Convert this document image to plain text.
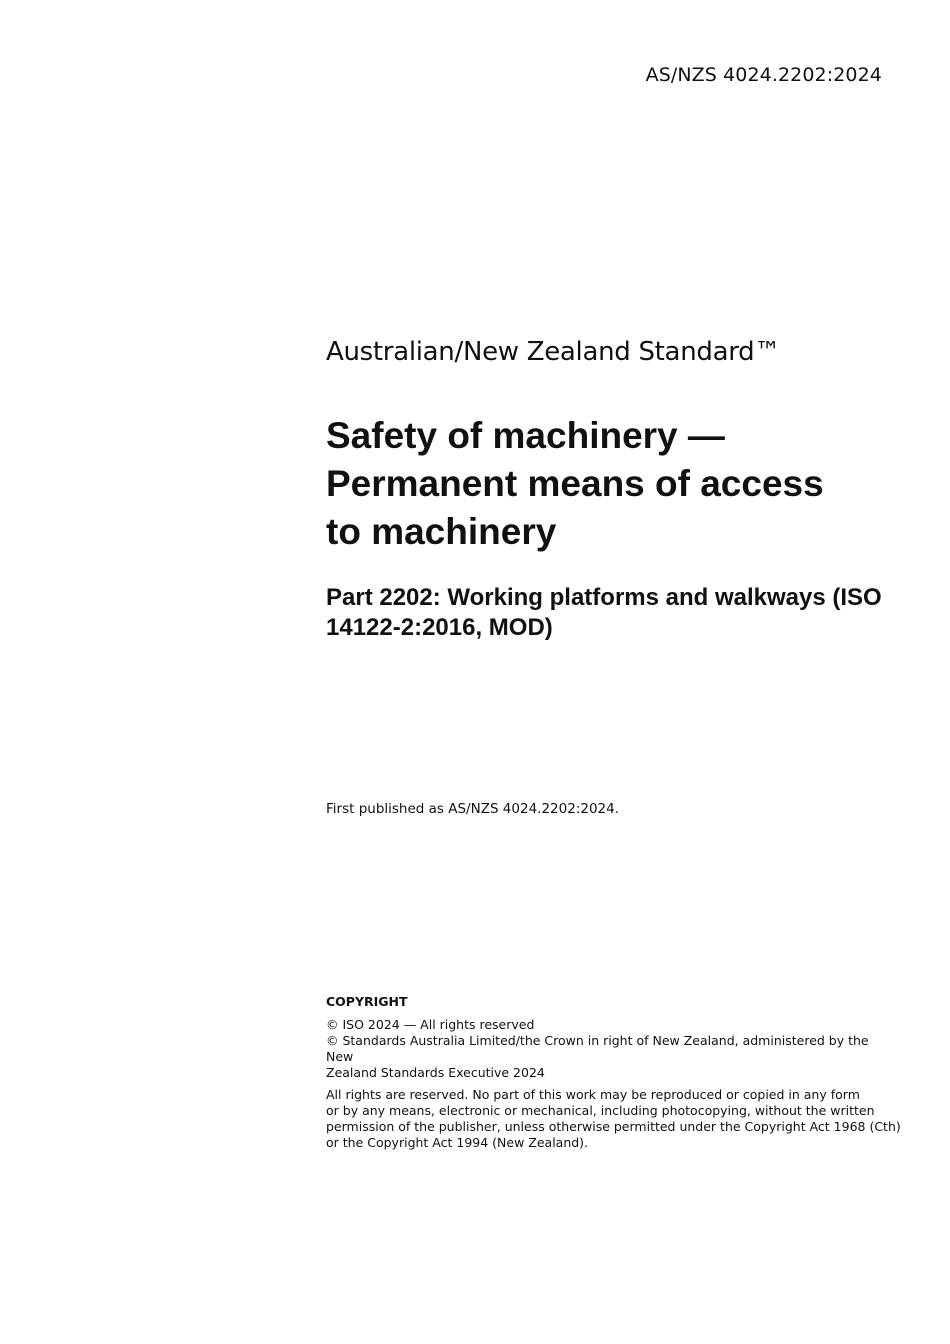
AS/NZS 4024.2202:2024
Australian/New Zealand Standard™
Safety of machinery —
Permanent means of access
to machinery
Part 2202: Working platforms and walkways (ISO
14122-2:2016, MOD)
First published as AS/NZS 4024.2202:2024.
COPYRIGHT
© ISO 2024 — All rights reserved
© Standards Australia Limited/the Crown in right of New Zealand, administered by the New
Zealand Standards Executive 2024
All rights are reserved. No part of this work may be reproduced or copied in any form
or by any means, electronic or mechanical, including photocopying, without the written
permission of the publisher, unless otherwise permitted under the Copyright Act 1968 (Cth)
or the Copyright Act 1994 (New Zealand).
